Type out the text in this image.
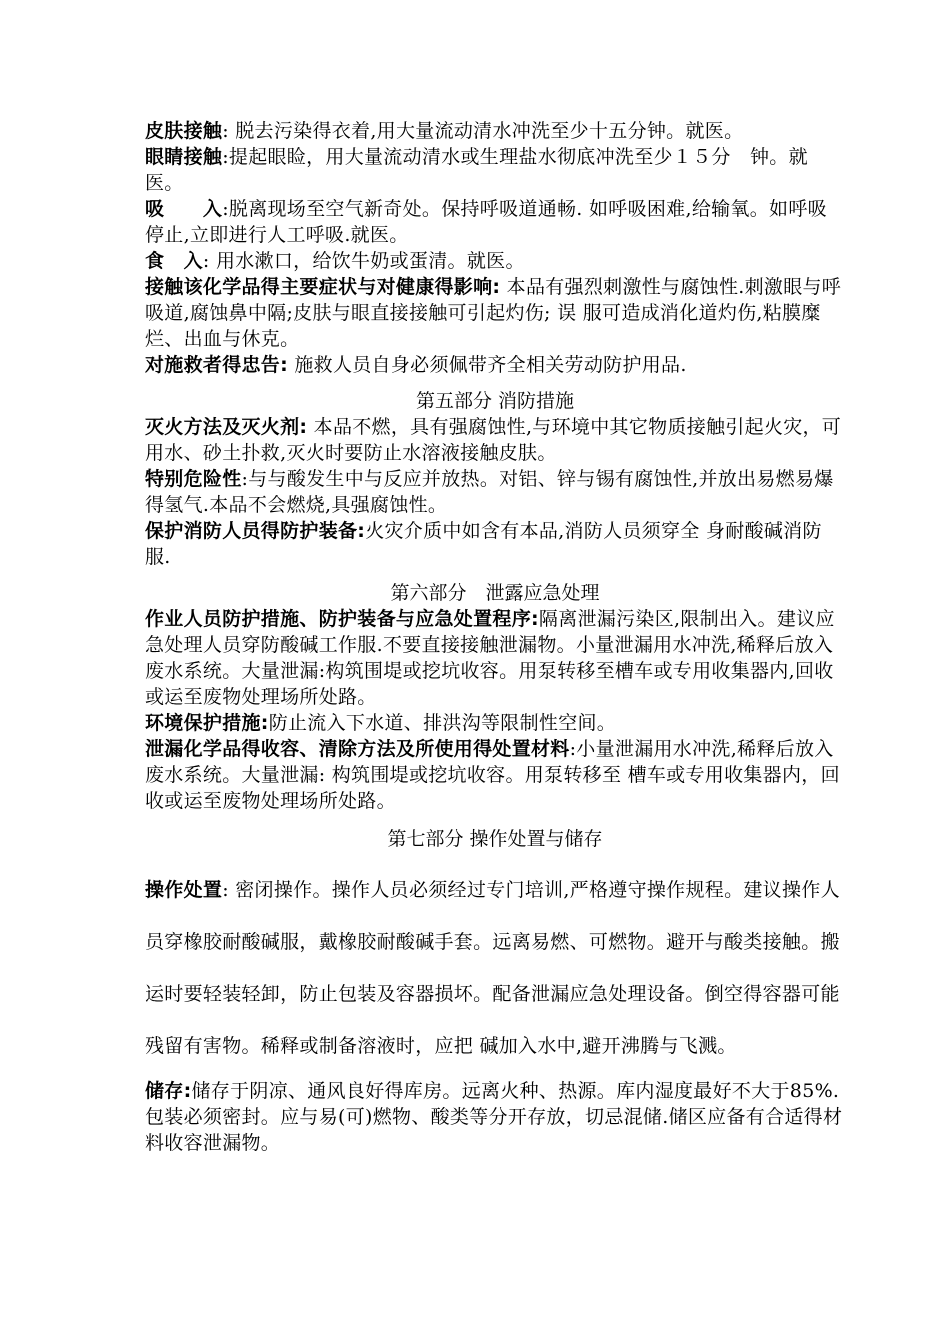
皮肤接触: 脱去污染得衣着,用大量流动清水冲洗至少十五分钟。就医。

眼睛接触:提起眼睑，用大量流动清水或生理盐水彻底冲洗至少１５分　钟。就医。

吸　　入:脱离现场至空气新奇处。保持呼吸道通畅. 如呼吸困难,给输氧。如呼吸停止,立即进行人工呼吸.就医。

食　入: 用水漱口，给饮牛奶或蛋清。就医。

接触该化学品得主要症状与对健康得影响: 本品有强烈刺激性与腐蚀性.刺激眼与呼吸道,腐蚀鼻中隔;皮肤与眼直接接触可引起灼伤; 误 服可造成消化道灼伤,粘膜糜烂、出血与休克。

对施救者得忠告: 施救人员自身必须佩带齐全相关劳动防护用品.

第五部分 消防措施

灭火方法及灭火剂: 本品不燃，具有强腐蚀性,与环境中其它物质接触引起火灾，可用水、砂土扑救,灭火时要防止水溶液接触皮肤。

特别危险性:与与酸发生中与反应并放热。对铝、锌与锡有腐蚀性,并放出易燃易爆得氢气.本品不会燃烧,具强腐蚀性。

保护消防人员得防护装备:火灾介质中如含有本品,消防人员须穿全 身耐酸碱消防服.

第六部分　泄露应急处理

作业人员防护措施、防护装备与应急处置程序:隔离泄漏污染区,限制出入。建议应急处理人员穿防酸碱工作服.不要直接接触泄漏物。小量泄漏用水冲洗,稀释后放入废水系统。大量泄漏:构筑围堤或挖坑收容。用泵转移至槽车或专用收集器内,回收或运至废物处理场所处路。

环境保护措施:防止流入下水道、排洪沟等限制性空间。

泄漏化学品得收容、清除方法及所使用得处置材料:小量泄漏用水冲洗,稀释后放入废水系统。大量泄漏: 构筑围堤或挖坑收容。用泵转移至 槽车或专用收集器内，回收或运至废物处理场所处路。

第七部分 操作处置与储存

操作处置: 密闭操作。操作人员必须经过专门培训,严格遵守操作规程。建议操作人员穿橡胶耐酸碱服，戴橡胶耐酸碱手套。远离易燃、可燃物。避开与酸类接触。搬运时要轻装轻卸，防止包装及容器损坏。配备泄漏应急处理设备。倒空得容器可能残留有害物。稀释或制备溶液时，应把 碱加入水中,避开沸腾与飞溅。

储存:储存于阴凉、通风良好得库房。远离火种、热源。库内湿度最好不大于85%. 包装必须密封。应与易(可)燃物、酸类等分开存放，切忌混储.储区应备有合适得材料收容泄漏物。
